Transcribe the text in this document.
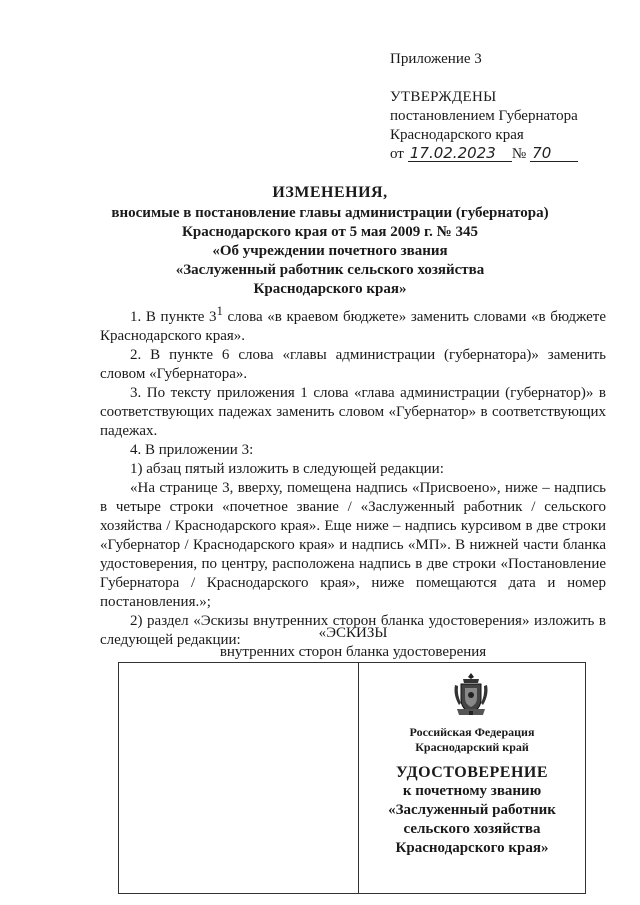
Приложение 3
УТВЕРЖДЕНЫ
постановлением Губернатора
Краснодарского края
от 17.02.2023	№ 70
ИЗМЕНЕНИЯ,
вносимые в постановление главы администрации (губернатора)
Краснодарского края от 5 мая 2009 г. № 345
«Об учреждении почетного звания
«Заслуженный работник сельского хозяйства
Краснодарского края»

1. В пункте $3^1$ слова «в краевом бюджете» заменить словами «в бюджете Краснодарского края».

2. В пункте 6 слова «главы администрации (губернатора)» заменить словом «Губернатора».

3. По тексту приложения 1 слова «глава администрации (губернатор)» в соответствующих падежах заменить словом «Губернатор» в соответствующих падежах.

4. В приложении 3:

1) абзац пятый изложить в следующей редакции:

«На странице 3, вверху, помещена надпись «Присвоено», ниже – надпись в четыре строки «почетное звание / «Заслуженный работник / сельского хозяйства / Краснодарского края». Еще ниже – надпись курсивом в две строки «Губернатор / Краснодарского края» и надпись «МП». В нижней части бланка удостоверения, по центру, расположена надпись в две строки «Постановление Губернатора / Краснодарского края», ниже помещаются дата и номер постановления.»;

2) раздел «Эскизы внутренних сторон бланка удостоверения» изложить в следующей редакции:	«ЭСКИЗЫ
внутренних сторон бланка удостоверения
Российская Федерация
Краснодарский край
УДОСТОВЕРЕНИЕ
к почетному званию
«Заслуженный работник
сельского хозяйства
Краснодарского края»
